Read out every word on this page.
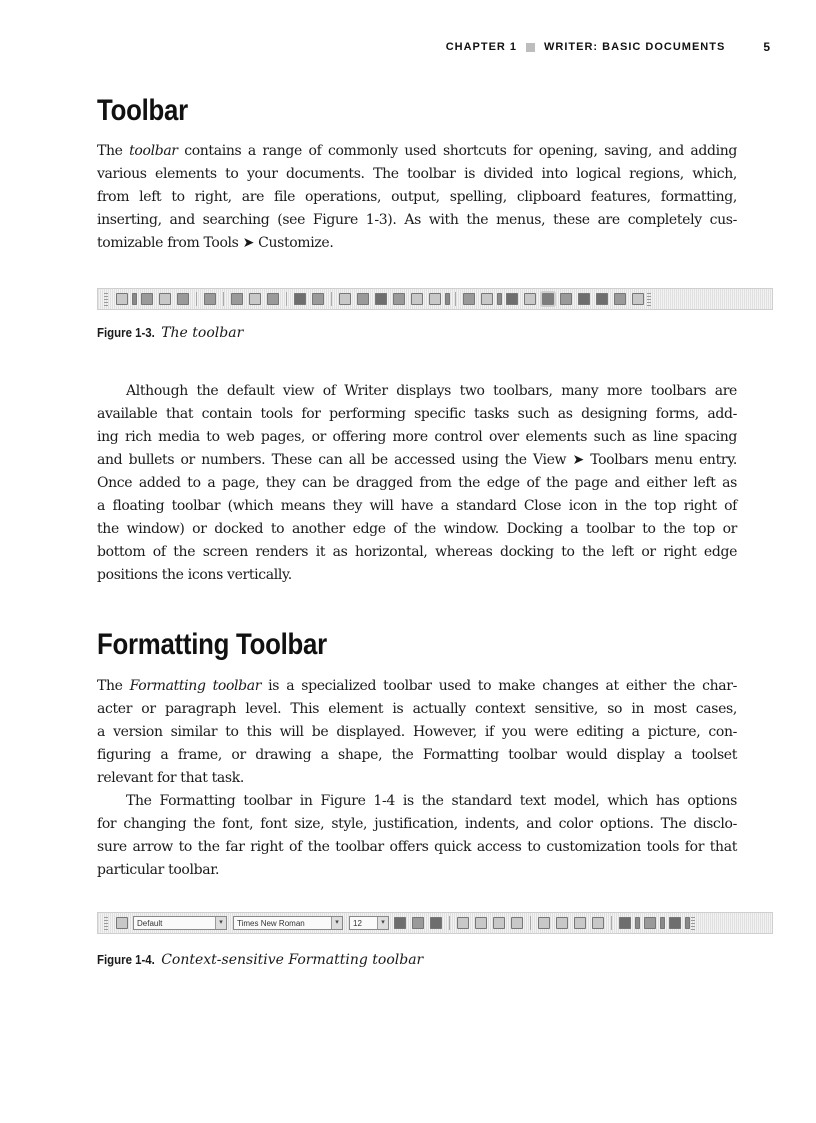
CHAPTER 1 WRITER: BASIC DOCUMENTS	5
Toolbar
The toolbar contains a range of commonly used shortcuts for opening, saving, and adding
various elements to your documents. The toolbar is divided into logical regions, which,
from left to right, are file operations, output, spelling, clipboard features, formatting,
inserting, and searching (see Figure 1-3). As with the menus, these are completely cus-
tomizable from Tools ➤ Customize.

Figure 1-3. The toolbar

Although the default view of Writer displays two toolbars, many more toolbars are
available that contain tools for performing specific tasks such as designing forms, add-
ing rich media to web pages, or offering more control over elements such as line spacing
and bullets or numbers. These can all be accessed using the View ➤ Toolbars menu entry.
Once added to a page, they can be dragged from the edge of the page and either left as
a floating toolbar (which means they will have a standard Close icon in the top right of
the window) or docked to another edge of the window. Docking a toolbar to the top or
bottom of the screen renders it as horizontal, whereas docking to the left or right edge
positions the icons vertically.
Formatting Toolbar
The Formatting toolbar is a specialized toolbar used to make changes at either the char-
acter or paragraph level. This element is actually context sensitive, so in most cases,
a version similar to this will be displayed. However, if you were editing a picture, con-
figuring a frame, or drawing a shape, the Formatting toolbar would display a toolset
relevant for that task.
The Formatting toolbar in Figure 1-4 is the standard text model, which has options
for changing the font, font size, style, justification, indents, and color options. The disclo-
sure arrow to the far right of the toolbar offers quick access to customization tools for that
particular toolbar.
Default	▾	Times New Roman	▾	12	▾

Figure 1-4. Context-sensitive Formatting toolbar
